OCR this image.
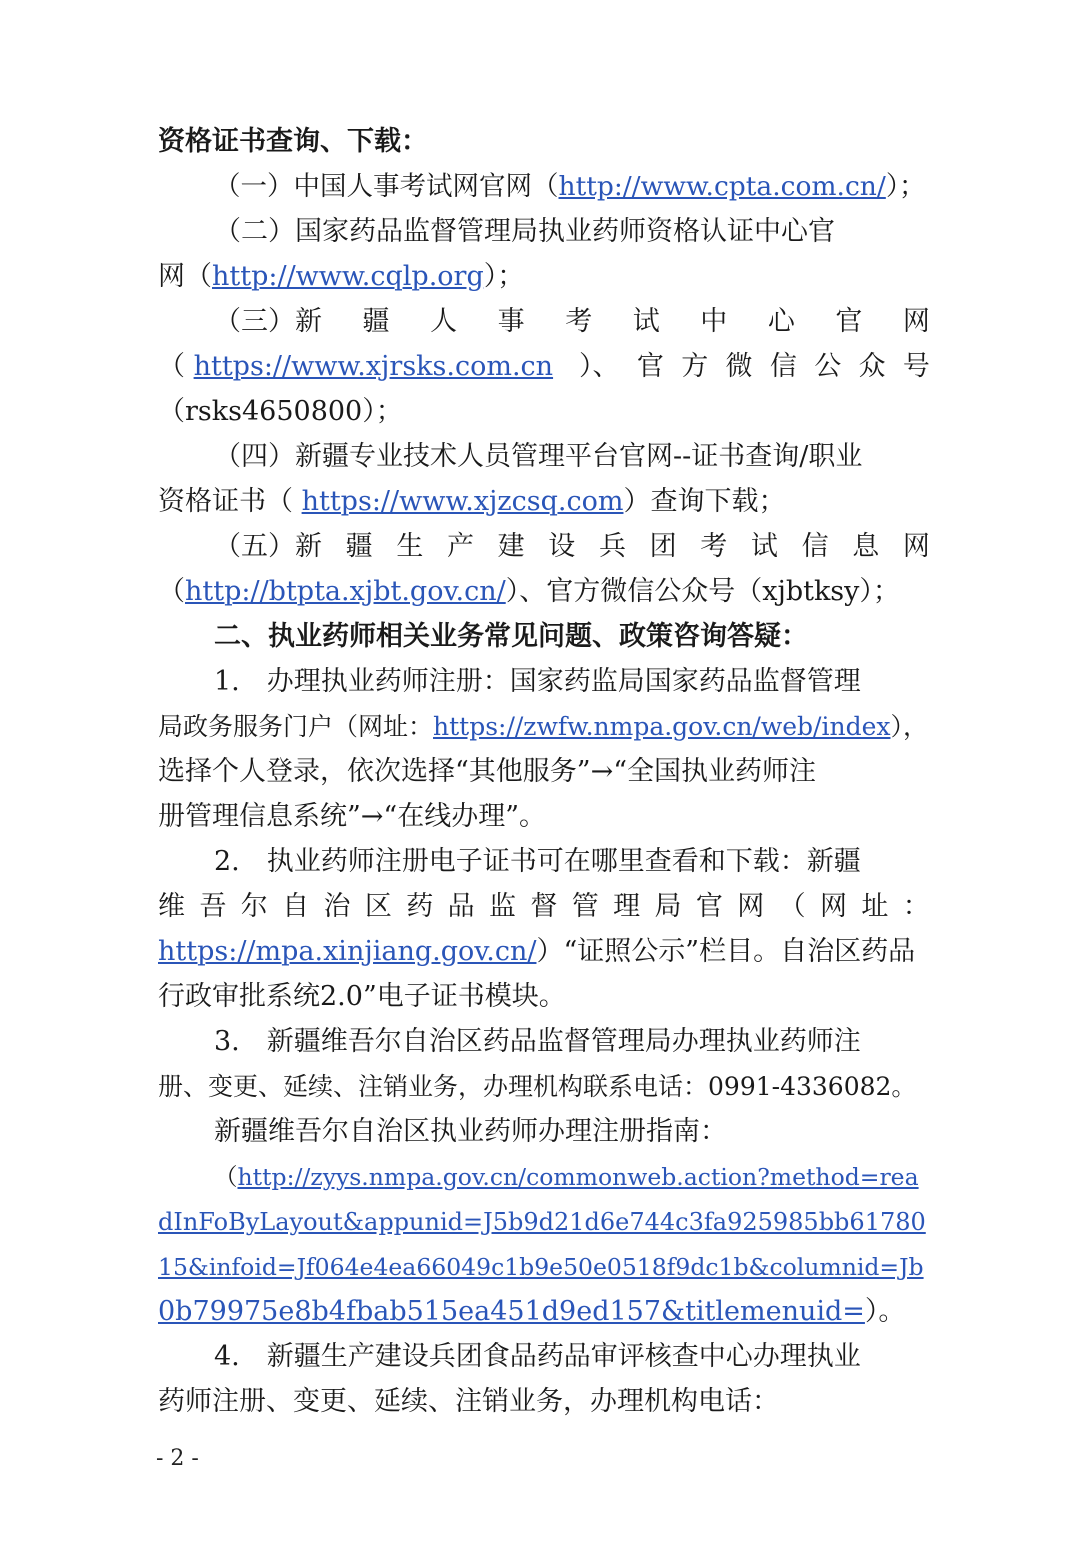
资格证书查询、下载：
（一）中国人事考试网官网（http://www.cpta.com.cn/）；
（二）国家药品监督管理局执业药师资格认证中心官
网（http://www.cqlp.org）；
（三）新 疆 人 事 考 试 中 心 官 网
（ https://www.xjrsks.com.cn ）、 官 方 微 信 公 众 号
（rsks4650800）；
（四）新疆专业技术人员管理平台官网--证书查询/职业
资格证书（ https://www.xjzcsq.com）查询下载；
（五）新 疆 生 产 建 设 兵 团 考 试 信 息 网
（http://btpta.xjbt.gov.cn/）、官方微信公众号（xjbtksy）；
二、执业药师相关业务常见问题、政策咨询答疑：
1.　办理执业药师注册：国家药监局国家药品监督管理
局政务服务门户（网址：https://zwfw.nmpa.gov.cn/web/index），
选择个人登录，依次选择“其他服务”→“全国执业药师注
册管理信息系统”→“在线办理”。
2.　执业药师注册电子证书可在哪里查看和下载：新疆
维 吾 尔 自 治 区 药 品 监 督 管 理 局 官 网 （ 网 址 ：
https://mpa.xinjiang.gov.cn/）“证照公示”栏目。自治区药品
行政审批系统2.0”电子证书模块。
3.　新疆维吾尔自治区药品监督管理局办理执业药师注
册、变更、延续、注销业务，办理机构联系电话：0991-4336082。
新疆维吾尔自治区执业药师办理注册指南：
（http://zyys.nmpa.gov.cn/commonweb.action?method=rea
dInFoByLayout&appunid=J5b9d21d6e744c3fa925985bb61780
15&infoid=Jf064e4ea66049c1b9e50e0518f9dc1b&columnid=Jb
0b79975e8b4fbab515ea451d9ed157&titlemenuid=）。
4.　新疆生产建设兵团食品药品审评核查中心办理执业
药师注册、变更、延续、注销业务，办理机构电话：
- 2 -
